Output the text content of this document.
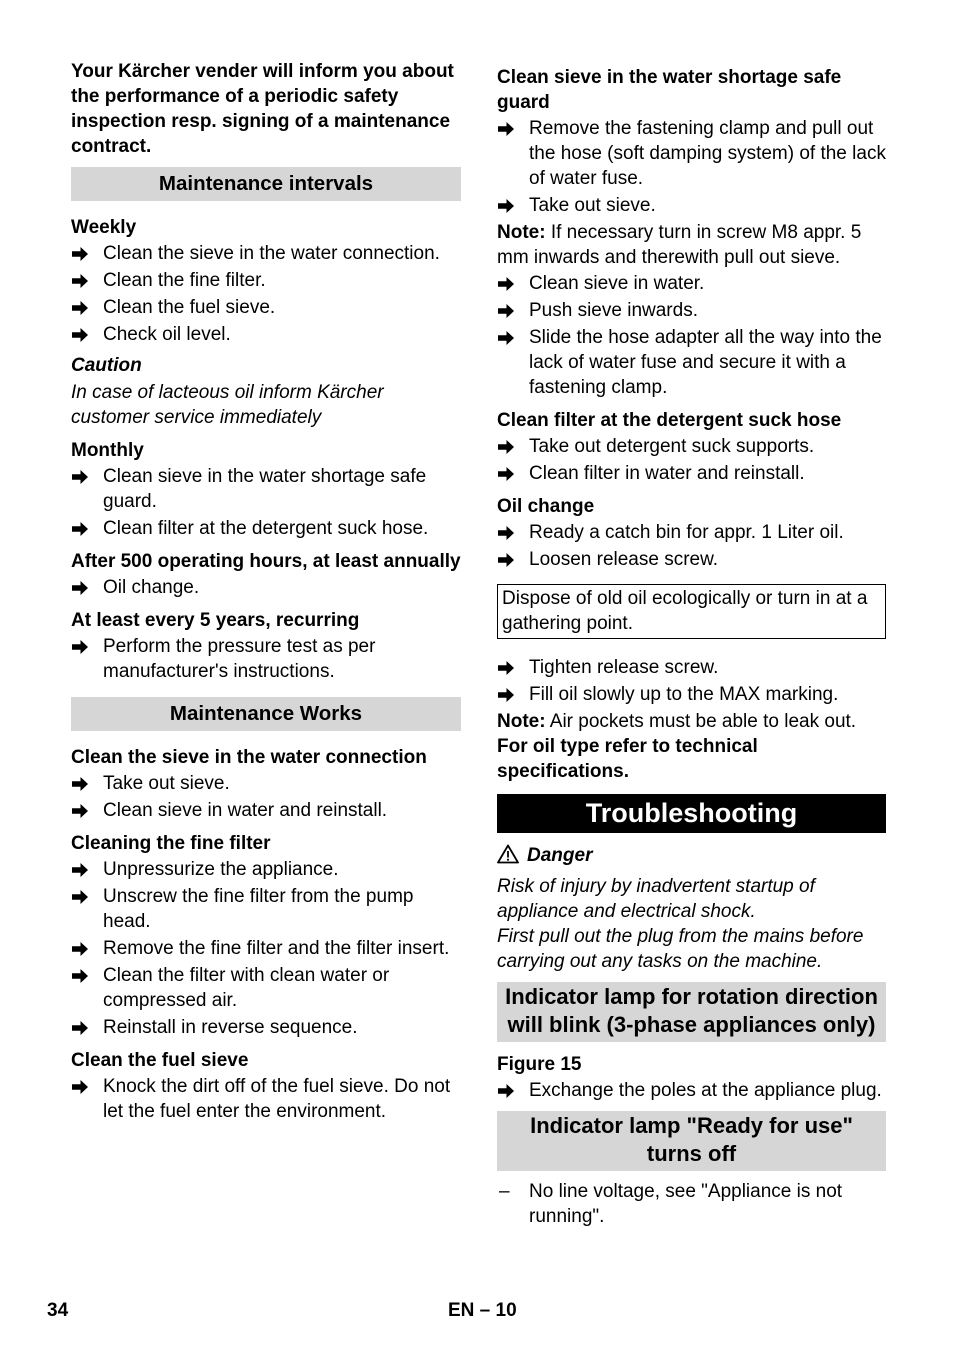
Your Kärcher vender will inform you about the performance of a periodic safety inspection resp. signing of a maintenance contract.

Maintenance intervals
Weekly
Clean the sieve in the water connection.
Clean the fine filter.
Clean the fuel sieve.
Check oil level.
Caution

In case of lacteous oil inform Kärcher customer service immediately

Monthly
Clean sieve in the water shortage safe guard.
Clean filter at the detergent suck hose.
After 500 operating hours, at least annually
Oil change.
At least every 5 years, recurring
Perform the pressure test as per manufacturer's instructions.
Maintenance Works
Clean the sieve in the water connection
Take out sieve.
Clean sieve in water and reinstall.
Cleaning the fine filter
Unpressurize the appliance.
Unscrew the fine filter from the pump head.
Remove the fine filter and the filter insert.
Clean the filter with clean water or compressed air.
Reinstall in reverse sequence.
Clean the fuel sieve
Knock the dirt off of the fuel sieve. Do not let the fuel enter the environment.
Clean sieve in the water shortage safe guard
Remove the fastening clamp and pull out the hose (soft damping system) of the lack of water fuse.
Take out sieve.

Note: If necessary turn in screw M8 appr. 5 mm inwards and therewith pull out sieve.

Clean sieve in water.
Push sieve inwards.
Slide the hose adapter all the way into the lack of water fuse and secure it with a fastening clamp.
Clean filter at the detergent suck hose
Take out detergent suck supports.
Clean filter in water and reinstall.
Oil change
Ready a catch bin for appr. 1 Liter oil.
Loosen release screw.
Dispose of old oil ecologically or turn in at a gathering point.
Tighten release screw.
Fill oil slowly up to the MAX marking.

Note: Air pockets must be able to leak out.

For oil type refer to technical specifications.

Troubleshooting
Danger

Risk of injury by inadvertent startup of appliance and electrical shock.

First pull out the plug from the mains before carrying out any tasks on the machine.

Indicator lamp for rotation direction will blink (3-phase appliances only)
Figure 15
Exchange the poles at the appliance plug.
Indicator lamp "Ready for use" turns off
–	No line voltage, see "Appliance is not running".
34	EN – 10
